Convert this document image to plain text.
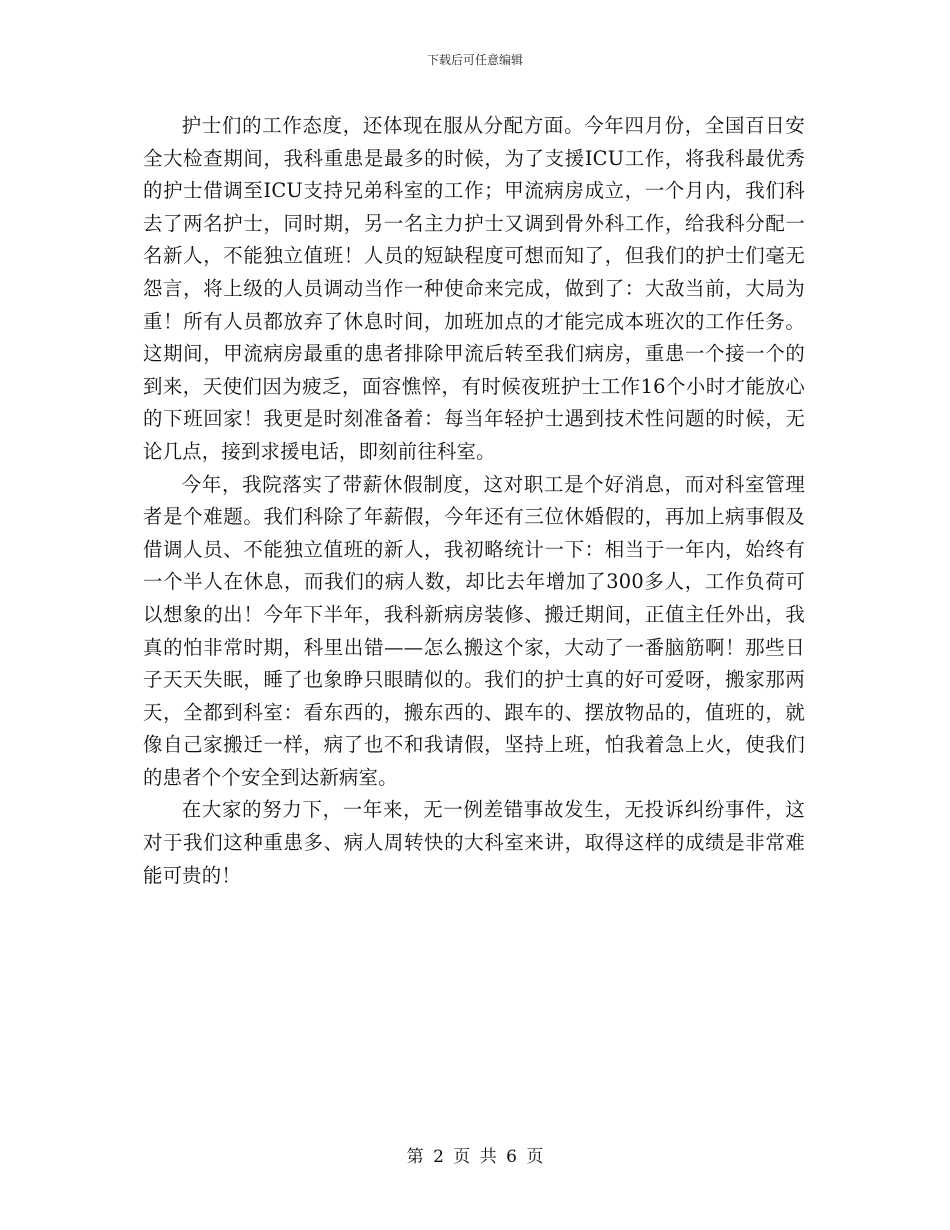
下载后可任意编辑

护士们的工作态度，还体现在服从分配方面。今年四月份，全国百日安全大检查期间，我科重患是最多的时候，为了支援ICU工作，将我科最优秀的护士借调至ICU支持兄弟科室的工作；甲流病房成立，一个月内，我们科去了两名护士，同时期，另一名主力护士又调到骨外科工作，给我科分配一名新人，不能独立值班！人员的短缺程度可想而知了，但我们的护士们毫无怨言，将上级的人员调动当作一种使命来完成，做到了：大敌当前，大局为重！所有人员都放弃了休息时间，加班加点的才能完成本班次的工作任务。这期间，甲流病房最重的患者排除甲流后转至我们病房，重患一个接一个的到来，天使们因为疲乏，面容憔悴，有时候夜班护士工作16个小时才能放心的下班回家！我更是时刻准备着：每当年轻护士遇到技术性问题的时候，无论几点，接到求援电话，即刻前往科室。

今年，我院落实了带薪休假制度，这对职工是个好消息，而对科室管理者是个难题。我们科除了年薪假，今年还有三位休婚假的，再加上病事假及借调人员、不能独立值班的新人，我初略统计一下：相当于一年内，始终有一个半人在休息，而我们的病人数，却比去年增加了300多人，工作负荷可以想象的出！今年下半年，我科新病房装修、搬迁期间，正值主任外出，我真的怕非常时期，科里出错——怎么搬这个家，大动了一番脑筋啊！那些日子天天失眠，睡了也象睁只眼睛似的。我们的护士真的好可爱呀，搬家那两天，全都到科室：看东西的，搬东西的、跟车的、摆放物品的，值班的，就像自己家搬迁一样，病了也不和我请假，坚持上班，怕我着急上火，使我们的患者个个安全到达新病室。

在大家的努力下，一年来，无一例差错事故发生，无投诉纠纷事件，这对于我们这种重患多、病人周转快的大科室来讲，取得这样的成绩是非常难能可贵的！

第 2 页 共 6 页
